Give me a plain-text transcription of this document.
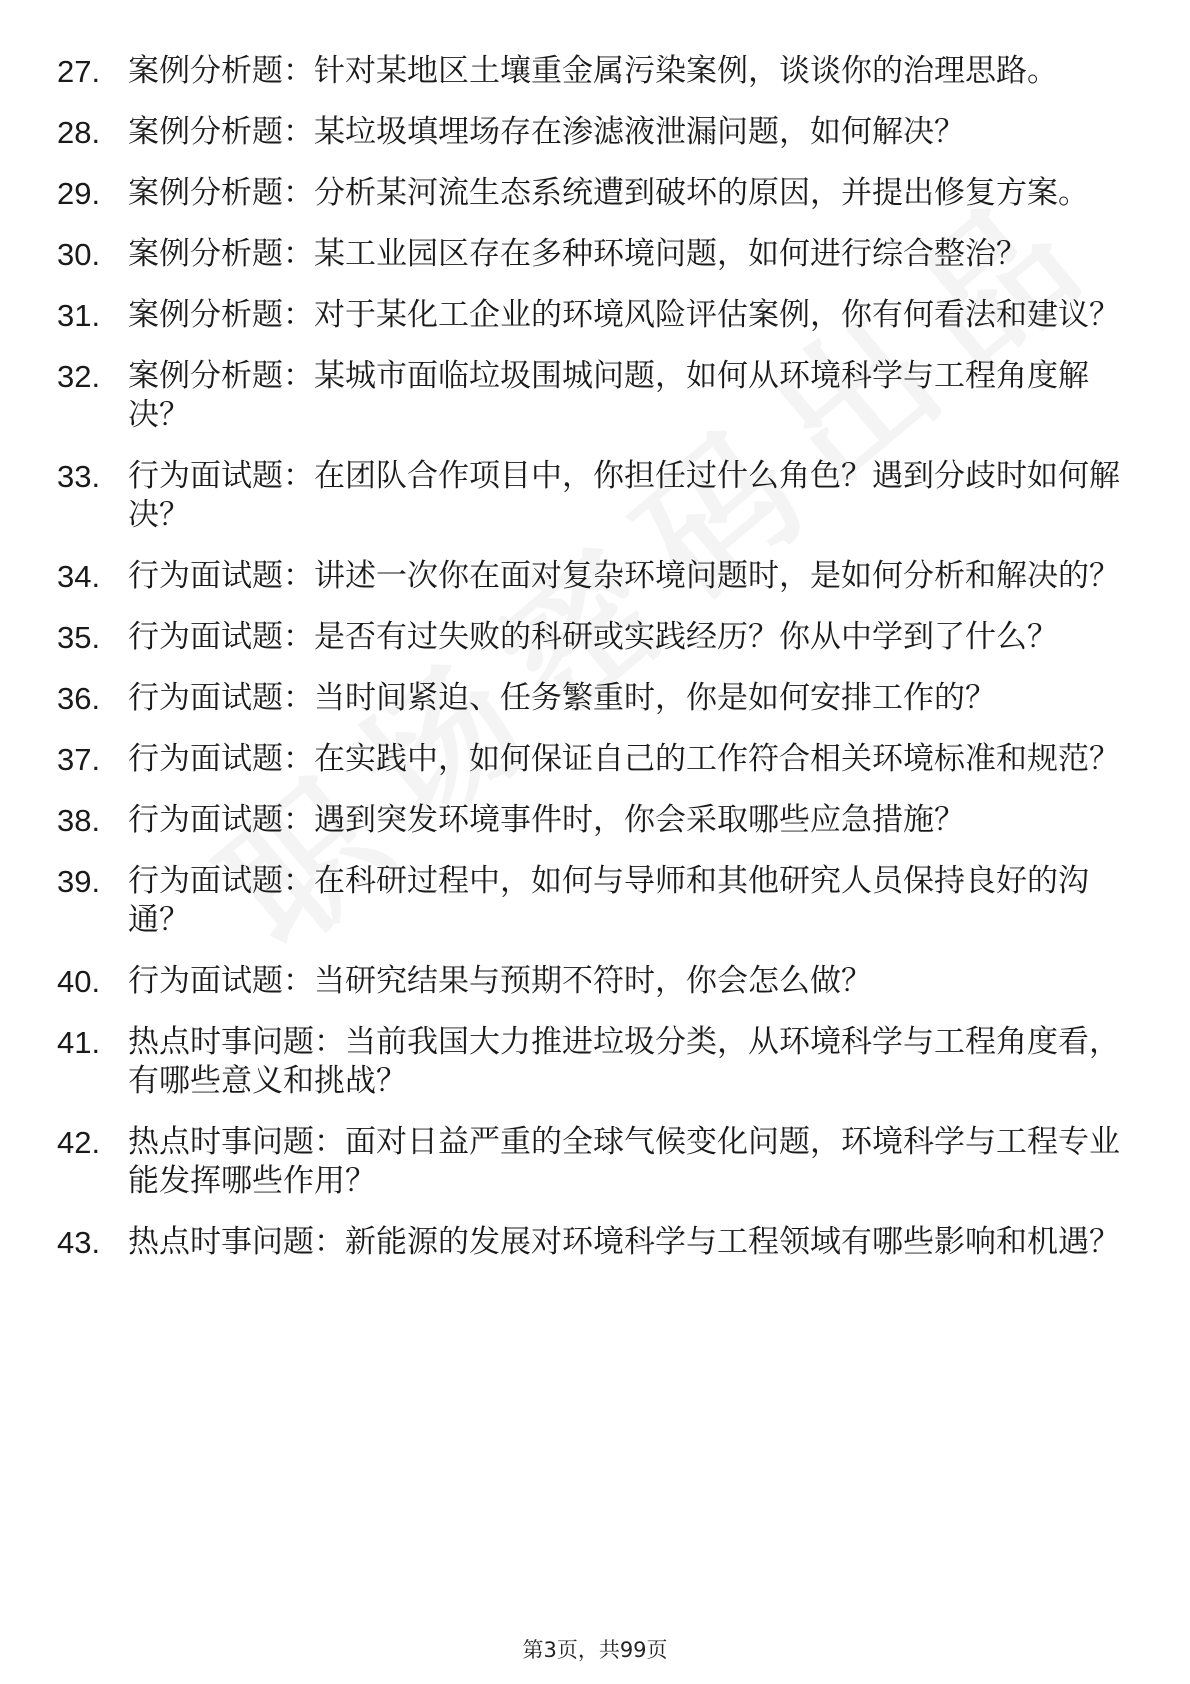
27. 案例分析题：针对某地区土壤重金属污染案例，谈谈你的治理思路。
28. 案例分析题：某垃圾填埋场存在渗滤液泄漏问题，如何解决？
29. 案例分析题：分析某河流生态系统遭到破坏的原因，并提出修复方案。
30. 案例分析题：某工业园区存在多种环境问题，如何进行综合整治？
31. 案例分析题：对于某化工企业的环境风险评估案例，你有何看法和建议？
32. 案例分析题：某城市面临垃圾围城问题，如何从环境科学与工程角度解决？
33. 行为面试题：在团队合作项目中，你担任过什么角色？遇到分歧时如何解决？
34. 行为面试题：讲述一次你在面对复杂环境问题时，是如何分析和解决的？
35. 行为面试题：是否有过失败的科研或实践经历？你从中学到了什么？
36. 行为面试题：当时间紧迫、任务繁重时，你是如何安排工作的？
37. 行为面试题：在实践中，如何保证自己的工作符合相关环境标准和规范？
38. 行为面试题：遇到突发环境事件时，你会采取哪些应急措施？
39. 行为面试题：在科研过程中，如何与导师和其他研究人员保持良好的沟通？
40. 行为面试题：当研究结果与预期不符时，你会怎么做？
41. 热点时事问题：当前我国大力推进垃圾分类，从环境科学与工程角度看，有哪些意义和挑战？
42. 热点时事问题：面对日益严重的全球气候变化问题，环境科学与工程专业能发挥哪些作用？
43. 热点时事问题：新能源的发展对环境科学与工程领域有哪些影响和机遇？
第3页，共99页
